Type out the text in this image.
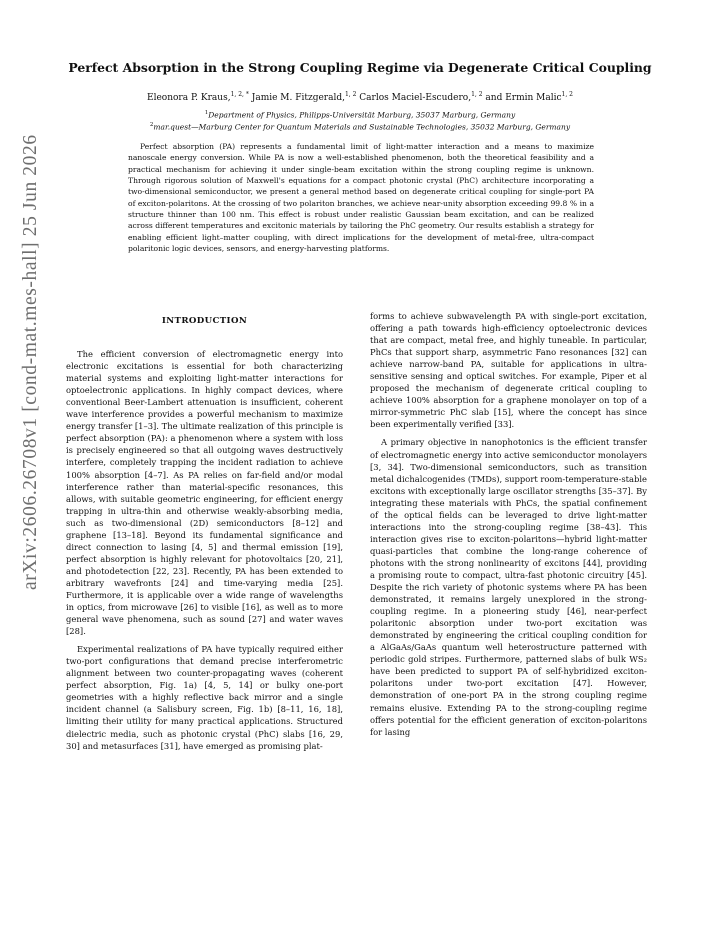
arXiv:2606.26708v1 [cond-mat.mes-hall] 25 Jun 2026
Perfect Absorption in the Strong Coupling Regime via Degenerate Critical Coupling
Eleonora P. Kraus,$^{1, 2, *}$ Jamie M. Fitzgerald,$^{1, 2}$ Carlos Maciel-Escudero,$^{1, 2}$ and Ermin Malic$^{1, 2}$
$^1$Department of Physics, Philipps-Universität Marburg, 35037 Marburg, Germany
$^2$mar.quest—Marburg Center for Quantum Materials and Sustainable Technologies, 35032 Marburg, Germany

Perfect absorption (PA) represents a fundamental limit of light-matter interaction and a means to maximize nanoscale energy conversion. While PA is now a well-established phenomenon, both the theoretical feasibility and a practical mechanism for achieving it under single-beam excitation within the strong coupling regime is unknown. Through rigorous solution of Maxwell's equations for a compact photonic crystal (PhC) architecture incorporating a two-dimensional semiconductor, we present a general method based on degenerate critical coupling for single-port PA of exciton-polaritons. At the crossing of two polariton branches, we achieve near-unity absorption exceeding 99.8 % in a structure thinner than 100 nm. This effect is robust under realistic Gaussian beam excitation, and can be realized across different temperatures and excitonic materials by tailoring the PhC geometry. Our results establish a strategy for enabling efficient light–matter coupling, with direct implications for the development of metal-free, ultra-compact polaritonic logic devices, sensors, and energy-harvesting platforms.

INTRODUCTION

The efficient conversion of electromagnetic energy into electronic excitations is essential for both characterizing material systems and exploiting light-matter interactions for optoelectronic applications. In highly compact devices, where conventional Beer-Lambert attenuation is insufficient, coherent wave interference provides a powerful mechanism to maximize energy transfer [1–3]. The ultimate realization of this principle is perfect absorption (PA): a phenomenon where a system with loss is precisely engineered so that all outgoing waves destructively interfere, completely trapping the incident radiation to achieve 100% absorption [4–7]. As PA relies on far-field and/or modal interference rather than material-specific resonances, this allows, with suitable geometric engineering, for efficient energy trapping in ultra-thin and otherwise weakly-absorbing media, such as two-dimensional (2D) semiconductors [8–12] and graphene [13–18]. Beyond its fundamental significance and direct connection to lasing [4, 5] and thermal emission [19], perfect absorption is highly relevant for photovoltaics [20, 21], and photodetection [22, 23]. Recently, PA has been extended to arbitrary wavefronts [24] and time-varying media [25]. Furthermore, it is applicable over a wide range of wavelengths in optics, from microwave [26] to visible [16], as well as to more general wave phenomena, such as sound [27] and water waves [28].

Experimental realizations of PA have typically required either two-port configurations that demand precise interferometric alignment between two counter-propagating waves (coherent perfect absorption, Fig. 1a) [4, 5, 14] or bulky one-port geometries with a highly reflective back mirror and a single incident channel (a Salisbury screen, Fig. 1b) [8–11, 16, 18], limiting their utility for many practical applications. Structured dielectric media, such as photonic crystal (PhC) slabs [16, 29, 30] and metasurfaces [31], have emerged as promising plat-

forms to achieve subwavelength PA with single-port excitation, offering a path towards high-efficiency optoelectronic devices that are compact, metal free, and highly tuneable. In particular, PhCs that support sharp, asymmetric Fano resonances [32] can achieve narrow-band PA, suitable for applications in ultra-sensitive sensing and optical switches. For example, Piper et al proposed the mechanism of degenerate critical coupling to achieve 100% absorption for a graphene monolayer on top of a mirror-symmetric PhC slab [15], where the concept has since been experimentally verified [33].

A primary objective in nanophotonics is the efficient transfer of electromagnetic energy into active semiconductor monolayers [3, 34]. Two-dimensional semiconductors, such as transition metal dichalcogenides (TMDs), support room-temperature-stable excitons with exceptionally large oscillator strengths [35–37]. By integrating these materials with PhCs, the spatial confinement of the optical fields can be leveraged to drive light-matter interactions into the strong-coupling regime [38–43]. This interaction gives rise to exciton-polaritons—hybrid light-matter quasi-particles that combine the long-range coherence of photons with the strong nonlinearity of excitons [44], providing a promising route to compact, ultra-fast photonic circuitry [45]. Despite the rich variety of photonic systems where PA has been demonstrated, it remains largely unexplored in the strong-coupling regime. In a pioneering study [46], near-perfect polaritonic absorption under two-port excitation was demonstrated by engineering the critical coupling condition for a AlGaAs/GaAs quantum well heterostructure patterned with periodic gold stripes. Furthermore, patterned slabs of bulk WS₂ have been predicted to support PA of self-hybridized exciton-polaritons under two-port excitation [47]. However, demonstration of one-port PA in the strong coupling regime remains elusive. Extending PA to the strong-coupling regime offers potential for the efficient generation of exciton-polaritons for lasing
